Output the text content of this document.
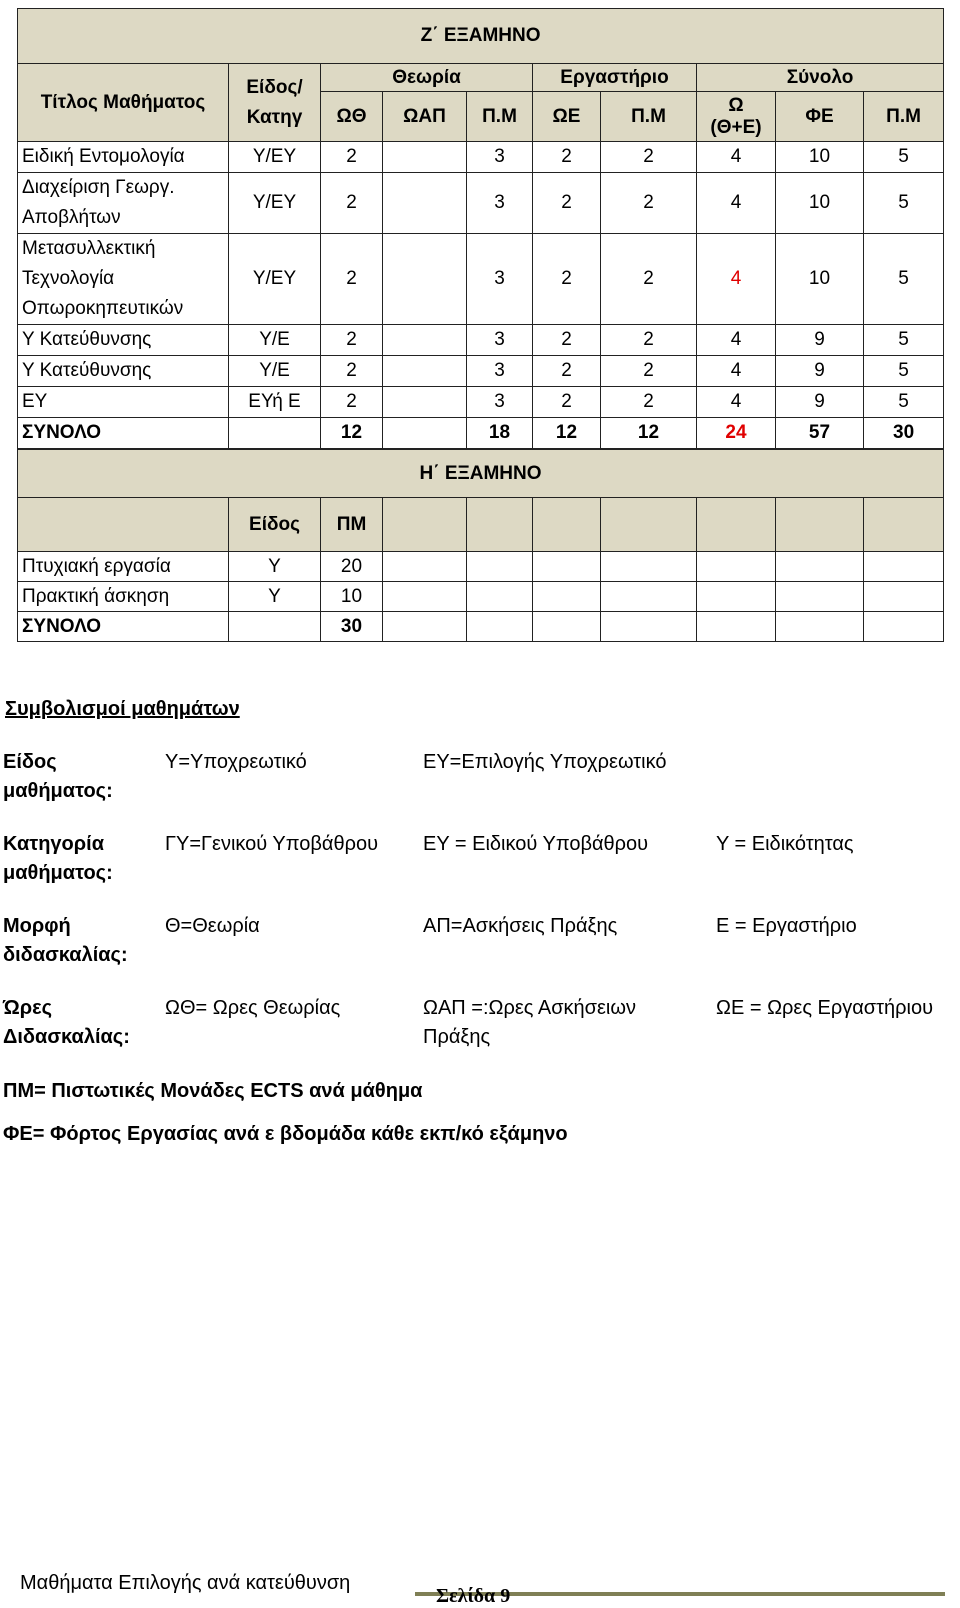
Ζ΄ ΕΞΑΜΗΝΟ									
Τίτλος Μαθήματος	Είδος/ Κατηγ	Θεωρία			Εργαστήριο		Σύνολο		
		ΩΘ	ΩΑΠ	Π.Μ	ΩΕ	Π.Μ	Ω (Θ+Ε)	ΦΕ	Π.Μ
Ειδική Εντομολογία	Υ/ΕΥ	2		3	2	2	4	10	5
Διαχείριση Γεωργ. Αποβλήτων	Υ/ΕΥ	2		3	2	2	4	10	5
Μετασυλλεκτική Τεχνολογία Οπωροκηπευτικών	Υ/ΕΥ	2		3	2	2	4	10	5
Υ Κατεύθυνσης	Υ/Ε	2		3	2	2	4	9	5
Υ Κατεύθυνσης	Υ/Ε	2		3	2	2	4	9	5
ΕΥ	ΕΥή Ε	2		3	2	2	4	9	5
ΣΥΝΟΛΟ		12		18	12	12	24	57	30
Η΄ ΕΞΑΜΗΝΟ									
	Είδος	ΠΜ							
Πτυχιακή εργασία	Υ	20							
Πρακτική άσκηση	Υ	10							
ΣΥΝΟΛΟ		30							
Συμβολισμοί μαθημάτων
Είδος μαθήματος:
Υ=Υποχρεωτικό	ΕΥ=Επιλογής Υποχρεωτικό
Κατηγορία μαθήματος:
ΓΥ=Γενικού Υποβάθρου	ΕΥ = Ειδικού Υποβάθρου	Υ = Ειδικότητας
Μορφή διδασκαλίας:
Θ=Θεωρία	ΑΠ=Ασκήσεις Πράξης	Ε = Εργαστήριο
Ώρες Διδασκαλίας:
ΩΘ= Ωρες Θεωρίας	ΩΑΠ =:Ωρες Ασκήσειων Πράξης
ΩΕ = Ωρες Εργαστήριου
ΠΜ= Πιστωτικές Μονάδες ECTS ανά μάθημα
ΦΕ= Φόρτος Εργασίας ανά ε βδομάδα κάθε εκπ/κό εξάμηνο
Μαθήματα Επιλογής ανά κατεύθυνση
Σελίδα 9
